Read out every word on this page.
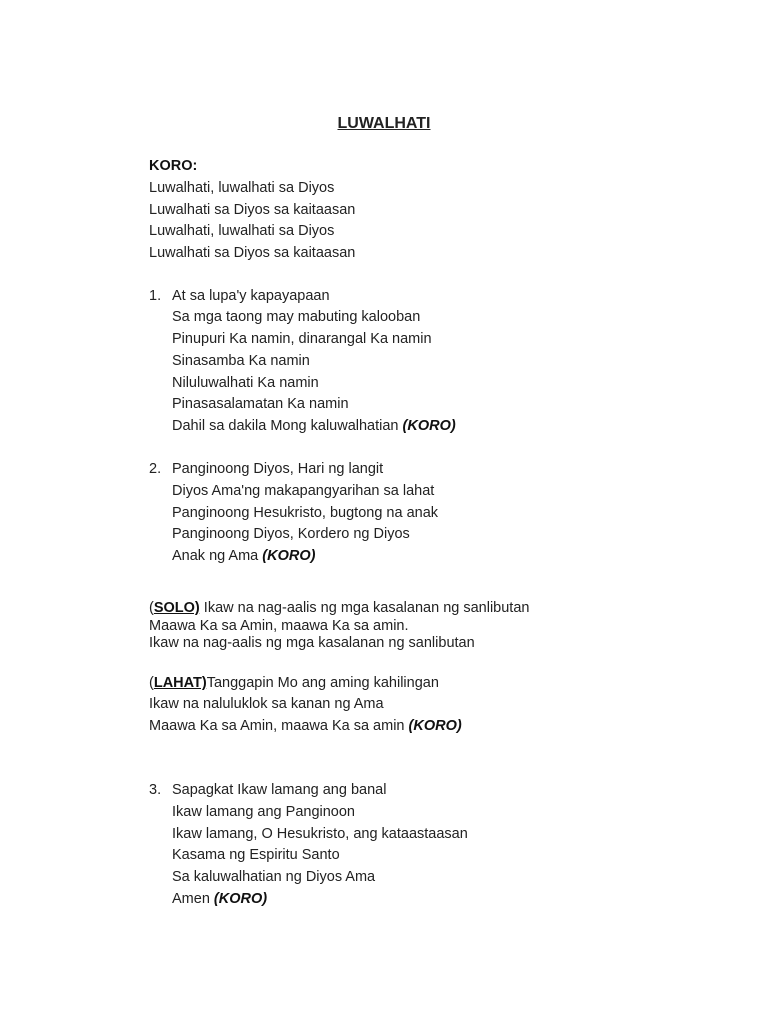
LUWALHATI
KORO:
Luwalhati, luwalhati sa Diyos
Luwalhati sa Diyos sa kaitaasan
Luwalhati, luwalhati sa Diyos
Luwalhati sa Diyos sa kaitaasan
1. At sa lupa'y kapayapaan
Sa mga taong may mabuting kalooban
Pinupuri Ka namin, dinarangal Ka namin
Sinasamba Ka namin
Niluluwalhati Ka namin
Pinasasalamatan Ka namin
Dahil sa dakila Mong kaluwalhatian (KORO)
2. Panginoong Diyos, Hari ng langit
Diyos Ama'ng makapangyarihan sa lahat
Panginoong Hesukristo, bugtong na anak
Panginoong Diyos, Kordero ng Diyos
Anak ng Ama (KORO)
(SOLO) Ikaw na nag-aalis ng mga kasalanan ng sanlibutan
Maawa Ka sa Amin, maawa Ka sa amin.
Ikaw na nag-aalis ng mga kasalanan ng sanlibutan
(LAHAT)Tanggapin Mo ang aming kahilingan
Ikaw na naluluklok sa kanan ng Ama
Maawa Ka sa Amin, maawa Ka sa amin (KORO)
3. Sapagkat Ikaw lamang ang banal
Ikaw lamang ang Panginoon
Ikaw lamang, O Hesukristo, ang kataastaasan
Kasama ng Espiritu Santo
Sa kaluwalhatian ng Diyos Ama
Amen (KORO)
